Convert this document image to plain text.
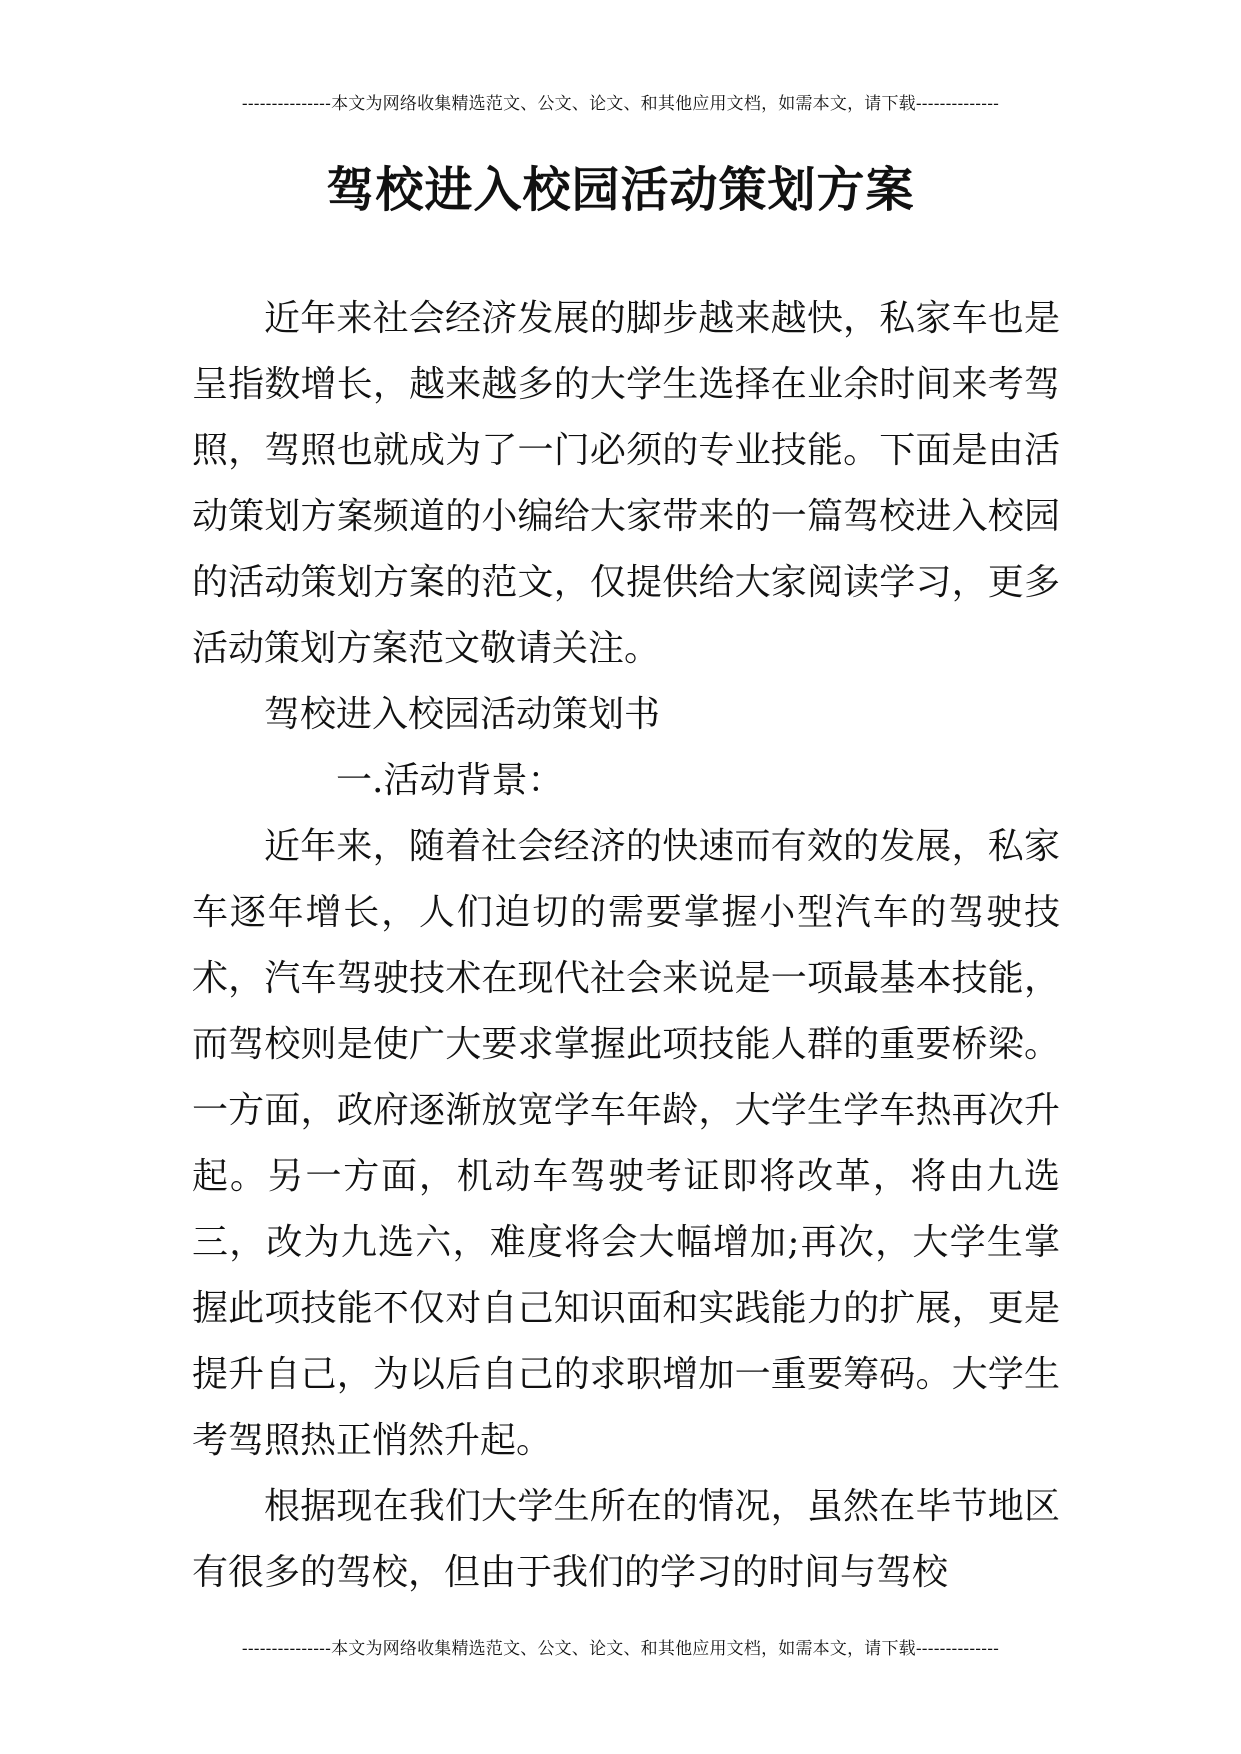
---------------本文为网络收集精选范文、公文、论文、和其他应用文档，如需本文，请下载--------------
驾校进入校园活动策划方案

近年来社会经济发展的脚步越来越快，私家车也是呈指数增长，越来越多的大学生选择在业余时间来考驾照，驾照也就成为了一门必须的专业技能。下面是由活动策划方案频道的小编给大家带来的一篇驾校进入校园的活动策划方案的范文，仅提供给大家阅读学习，更多活动策划方案范文敬请关注。

驾校进入校园活动策划书

一.活动背景：

近年来，随着社会经济的快速而有效的发展，私家车逐年增长，人们迫切的需要掌握小型汽车的驾驶技术，汽车驾驶技术在现代社会来说是一项最基本技能，而驾校则是使广大要求掌握此项技能人群的重要桥梁。一方面，政府逐渐放宽学车年龄，大学生学车热再次升起。另一方面，机动车驾驶考证即将改革，将由九选三，改为九选六，难度将会大幅增加;再次，大学生掌握此项技能不仅对自己知识面和实践能力的扩展，更是提升自己，为以后自己的求职增加一重要筹码。大学生考驾照热正悄然升起。

根据现在我们大学生所在的情况，虽然在毕节地区有很多的驾校，但由于我们的学习的时间与驾校

---------------本文为网络收集精选范文、公文、论文、和其他应用文档，如需本文，请下载--------------
